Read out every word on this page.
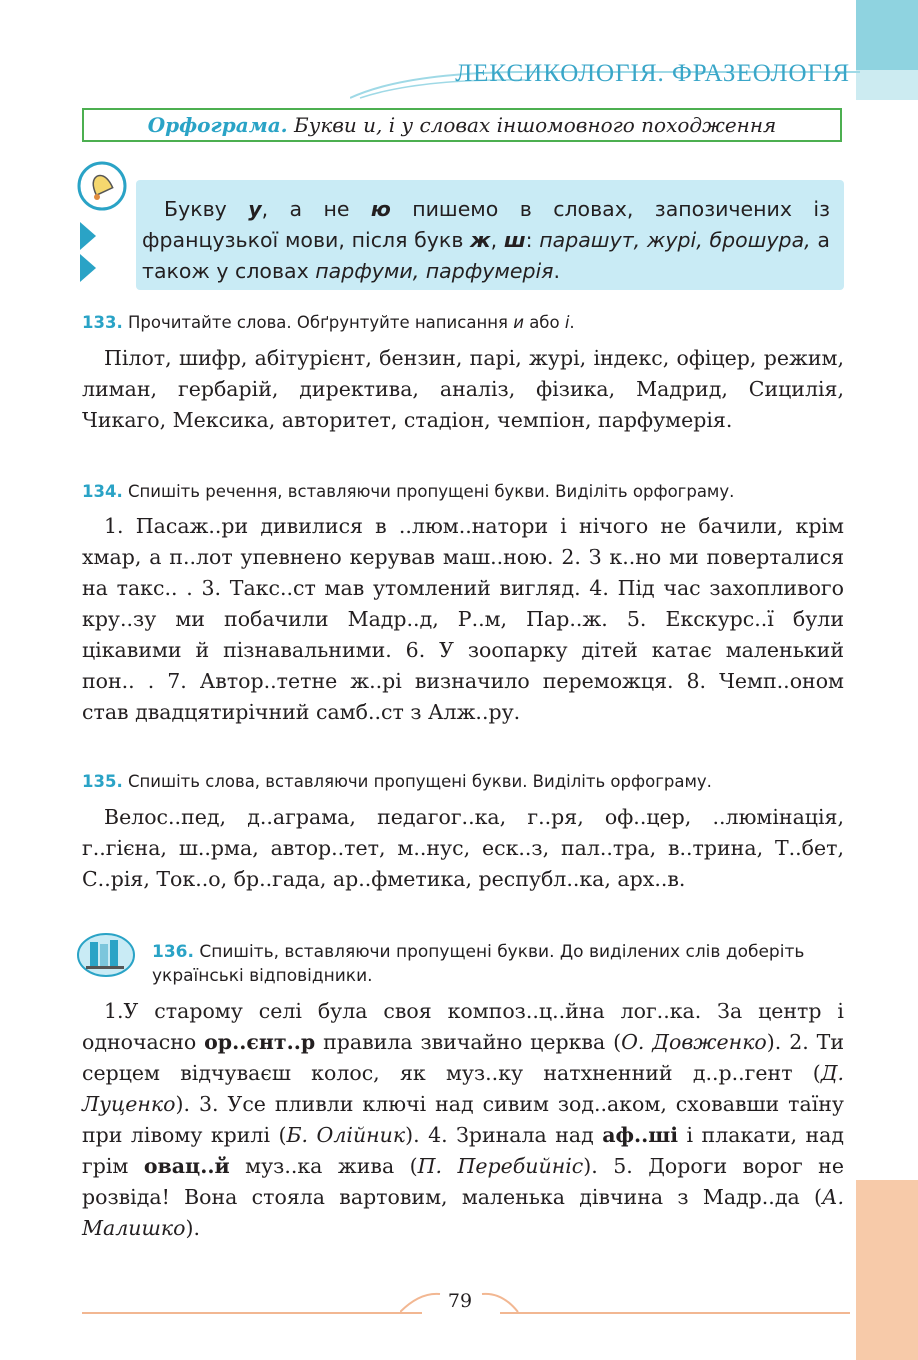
ЛЕКСИКОЛОГІЯ. ФРАЗЕОЛОГІЯ
Орфограма. Букви и, і у словах іншомовного походження
Букву у, а не ю пишемо в словах, запозичених із французької мови, після букв ж, ш: парашут, журі, брошура, а також у словах парфуми, парфумерія.
133. Прочитайте слова. Обґрунтуйте написання и або і.
Пілот, шифр, абітурієнт, бензин, парі, журі, індекс, офіцер, режим, лиман, гербарій, директива, аналіз, фізика, Мадрид, Сицилія, Чикаго, Мексика, авторитет, стадіон, чемпіон, парфумерія.
134. Спишіть речення, вставляючи пропущені букви. Виділіть орфограму.
1. Пасаж..ри дивилися в ..люм..натори і нічого не бачили, крім хмар, а п..лот упевнено керував маш..ною. 2. З к..но ми поверталися на такс.. . 3. Такс..ст мав утомлений вигляд. 4. Під час захопливого кру..зу ми побачили Мадр..д, Р..м, Пар..ж. 5. Екскурс..ї були цікавими й пізнавальними. 6. У зоопарку дітей катає маленький пон.. . 7. Автор..тетне ж..рі визначило переможця. 8. Чемп..оном став двадцятирічний самб..ст з Алж..ру.
135. Спишіть слова, вставляючи пропущені букви. Виділіть орфограму.
Велос..пед, д..аграма, педагог..ка, г..ря, оф..цер, ..люмінація, г..гієна, ш..рма, автор..тет, м..нус, еск..з, пал..тра, в..трина, Т..бет, С..рія, Ток..о, бр..гада, ар..фметика, республ..ка, арх..в.
136. Спишіть, вставляючи пропущені букви. До виділених слів доберіть українські відповідники.
1.У старому селі була своя композ..ц..йна лог..ка. За центр і одночасно ор..єнт..р правила звичайно церква (О. Довженко). 2. Ти серцем відчуваєш колос, як муз..ку натхненний д..р..гент (Д. Луценко). 3. Усе пливли ключі над сивим зод..аком, сховавши таїну при лівому крилі (Б. Олійник). 4. Зринала над аф..ші і плакати, над грім овац..й муз..ка жива (П. Перебийніс). 5. Дороги ворог не розвіда! Вона стояла вартовим, маленька дівчина з Мадр..да (А. Малишко).
79
